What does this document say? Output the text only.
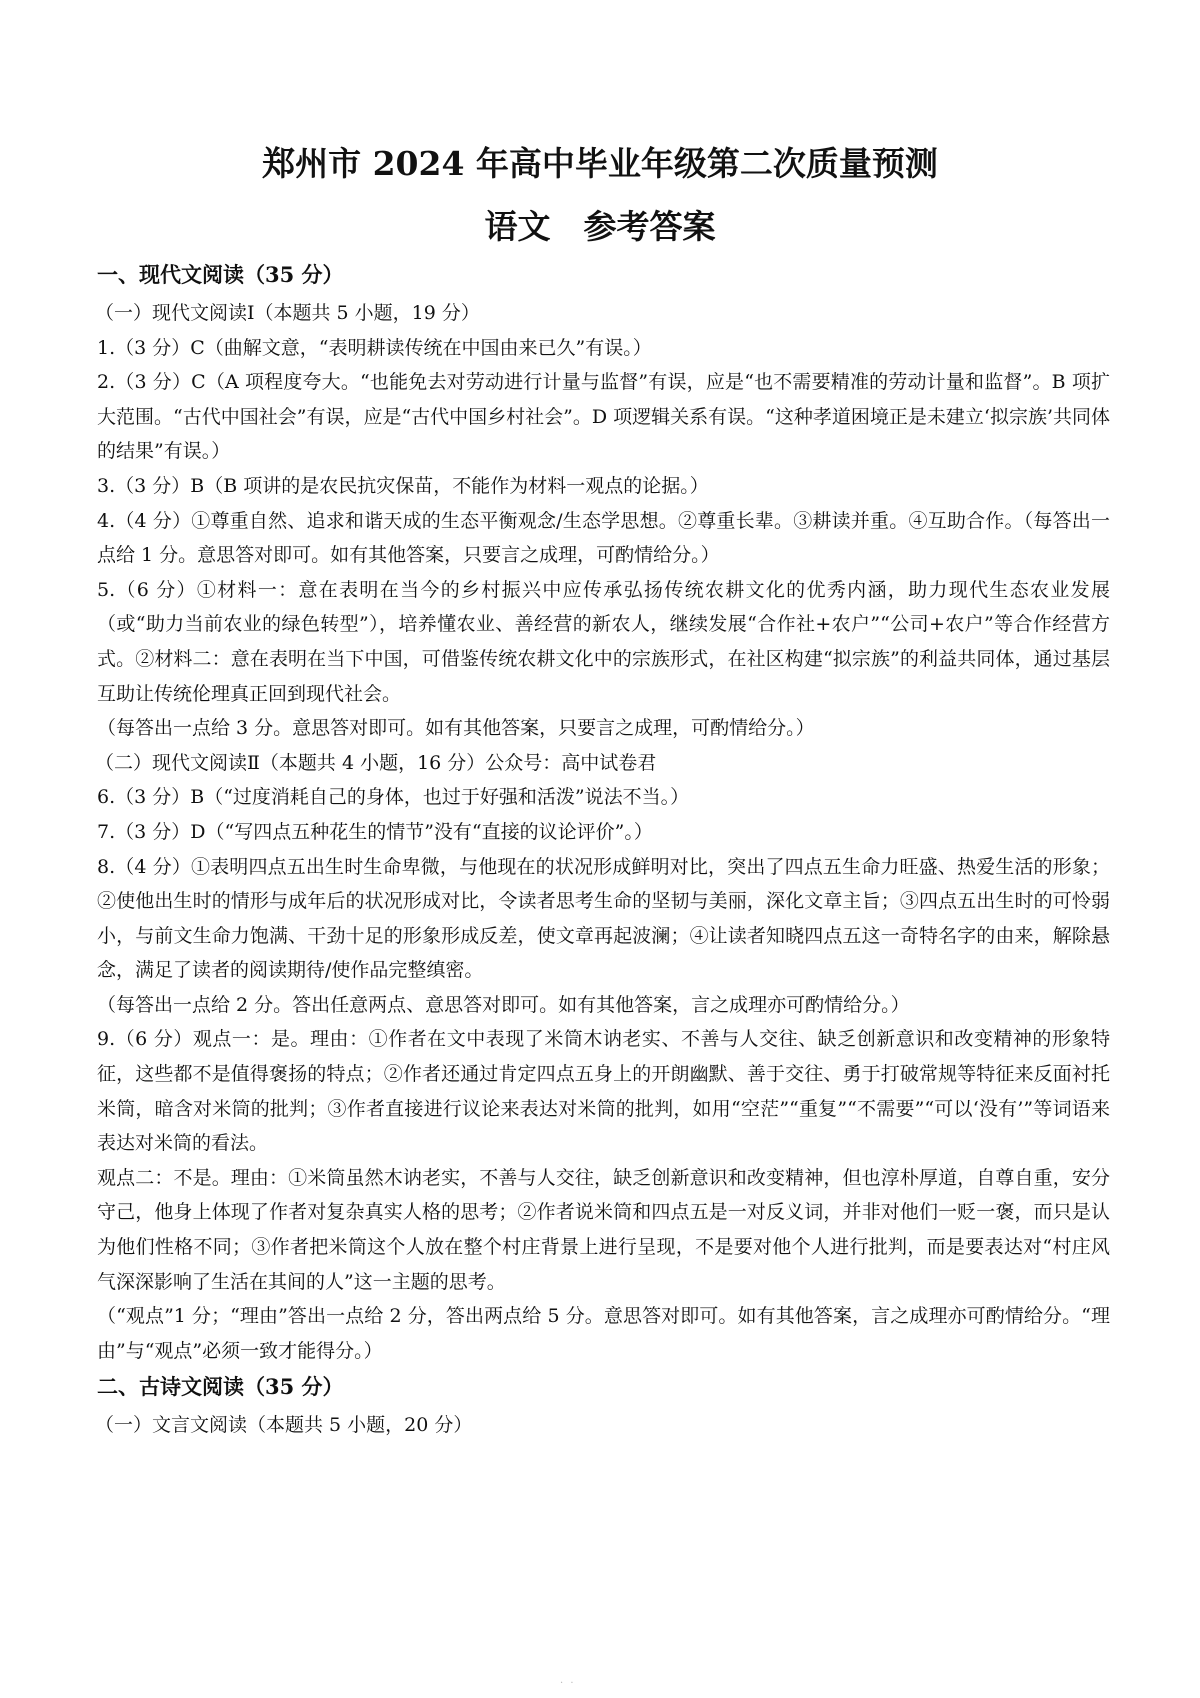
郑州市 2024 年高中毕业年级第二次质量预测
语文　参考答案
一、现代文阅读（35 分）

（一）现代文阅读Ⅰ（本题共 5 小题，19 分）

1.（3 分）C（曲解文意，“表明耕读传统在中国由来已久”有误。）

2.（3 分）C（A 项程度夸大。“也能免去对劳动进行计量与监督”有误，应是“也不需要精准的劳动计量和监督”。B 项扩大范围。“古代中国社会”有误，应是“古代中国乡村社会”。D 项逻辑关系有误。“这种孝道困境正是未建立‘拟宗族’共同体的结果”有误。）

3.（3 分）B（B 项讲的是农民抗灾保苗，不能作为材料一观点的论据。）

4.（4 分）①尊重自然、追求和谐天成的生态平衡观念/生态学思想。②尊重长辈。③耕读并重。④互助合作。（每答出一点给 1 分。意思答对即可。如有其他答案，只要言之成理，可酌情给分。）

5.（6 分）①材料一：意在表明在当今的乡村振兴中应传承弘扬传统农耕文化的优秀内涵，助力现代生态农业发展（或“助力当前农业的绿色转型”），培养懂农业、善经营的新农人，继续发展“合作社+农户”“公司+农户”等合作经营方式。②材料二：意在表明在当下中国，可借鉴传统农耕文化中的宗族形式，在社区构建“拟宗族”的利益共同体，通过基层互助让传统伦理真正回到现代社会。

（每答出一点给 3 分。意思答对即可。如有其他答案，只要言之成理，可酌情给分。）

（二）现代文阅读Ⅱ（本题共 4 小题，16 分）公众号：高中试卷君

6.（3 分）B（“过度消耗自己的身体，也过于好强和活泼”说法不当。）

7.（3 分）D（“写四点五种花生的情节”没有“直接的议论评价”。）

8.（4 分）①表明四点五出生时生命卑微，与他现在的状况形成鲜明对比，突出了四点五生命力旺盛、热爱生活的形象；②使他出生时的情形与成年后的状况形成对比，令读者思考生命的坚韧与美丽，深化文章主旨；③四点五出生时的可怜弱小，与前文生命力饱满、干劲十足的形象形成反差，使文章再起波澜；④让读者知晓四点五这一奇特名字的由来，解除悬念，满足了读者的阅读期待/使作品完整缜密。

（每答出一点给 2 分。答出任意两点、意思答对即可。如有其他答案，言之成理亦可酌情给分。）

9.（6 分）观点一：是。理由：①作者在文中表现了米筒木讷老实、不善与人交往、缺乏创新意识和改变精神的形象特征，这些都不是值得褒扬的特点；②作者还通过肯定四点五身上的开朗幽默、善于交往、勇于打破常规等特征来反面衬托米筒，暗含对米筒的批判；③作者直接进行议论来表达对米筒的批判，如用“空茫”“重复”“不需要”“可以‘没有’”等词语来表达对米筒的看法。

观点二：不是。理由：①米筒虽然木讷老实，不善与人交往，缺乏创新意识和改变精神，但也淳朴厚道，自尊自重，安分守己，他身上体现了作者对复杂真实人格的思考；②作者说米筒和四点五是一对反义词，并非对他们一贬一褒，而只是认为他们性格不同；③作者把米筒这个人放在整个村庄背景上进行呈现，不是要对他个人进行批判，而是要表达对“村庄风气深深影响了生活在其间的人”这一主题的思考。

（“观点”1 分；“理由”答出一点给 2 分，答出两点给 5 分。意思答对即可。如有其他答案，言之成理亦可酌情给分。“理由”与“观点”必须一致才能得分。）

二、古诗文阅读（35 分）

（一）文言文阅读（本题共 5 小题，20 分）

· ·
